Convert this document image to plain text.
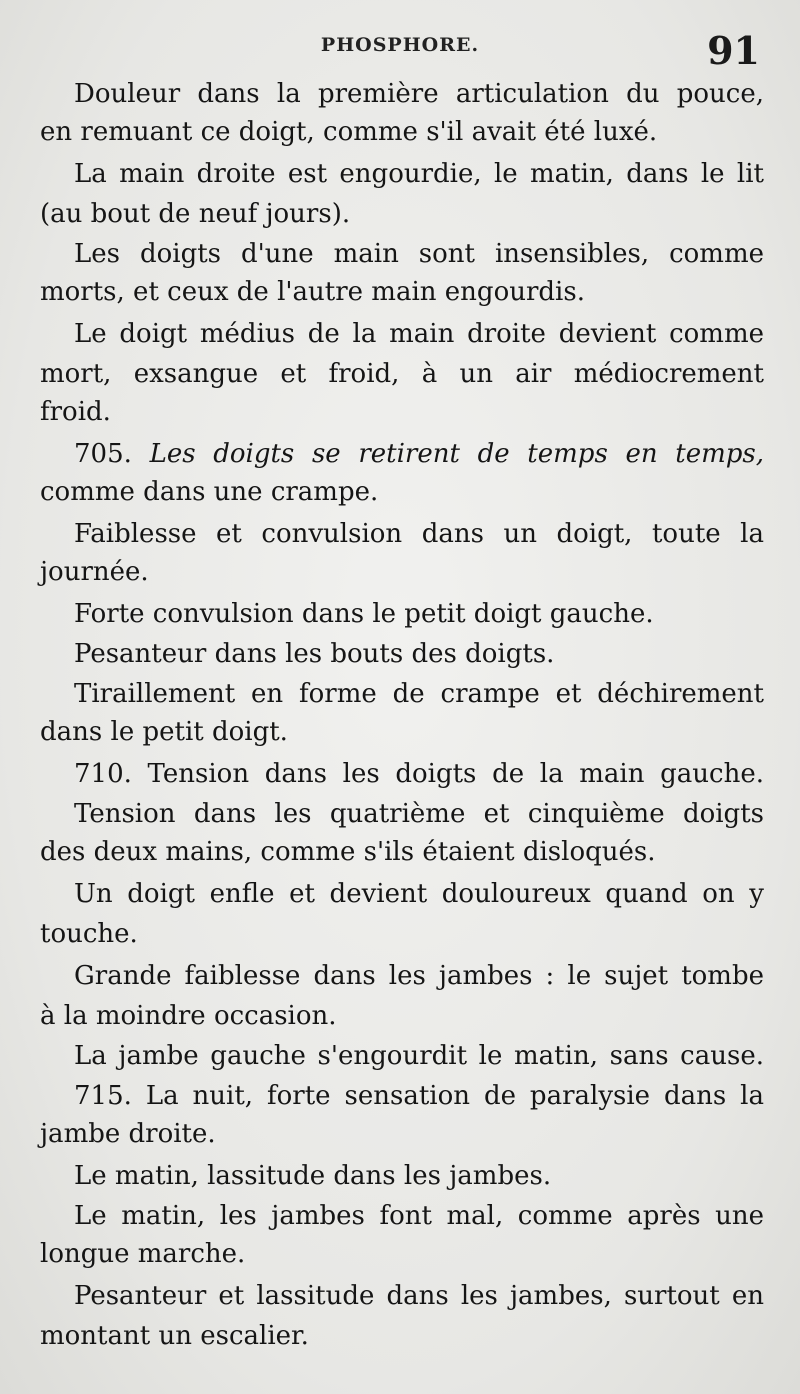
PHOSPHORE.	91
Douleur dans la première articulation du pouce,
en remuant ce doigt, comme s'il avait été luxé.
La main droite est engourdie, le matin, dans le lit
(au bout de neuf jours).
Les doigts d'une main sont insensibles, comme
morts, et ceux de l'autre main engourdis.
Le doigt médius de la main droite devient comme
mort, exsangue et froid, à un air médiocrement
froid.
705. Les doigts se retirent de temps en temps,
comme dans une crampe.
Faiblesse et convulsion dans un doigt, toute la
journée.
Forte convulsion dans le petit doigt gauche.
Pesanteur dans les bouts des doigts.
Tiraillement en forme de crampe et déchirement
dans le petit doigt.
710. Tension dans les doigts de la main gauche.
Tension dans les quatrième et cinquième doigts
des deux mains, comme s'ils étaient disloqués.
Un doigt enfle et devient douloureux quand on y
touche.
Grande faiblesse dans les jambes : le sujet tombe
à la moindre occasion.
La jambe gauche s'engourdit le matin, sans cause.
715. La nuit, forte sensation de paralysie dans la
jambe droite.
Le matin, lassitude dans les jambes.
Le matin, les jambes font mal, comme après une
longue marche.
Pesanteur et lassitude dans les jambes, surtout en
montant un escalier.
